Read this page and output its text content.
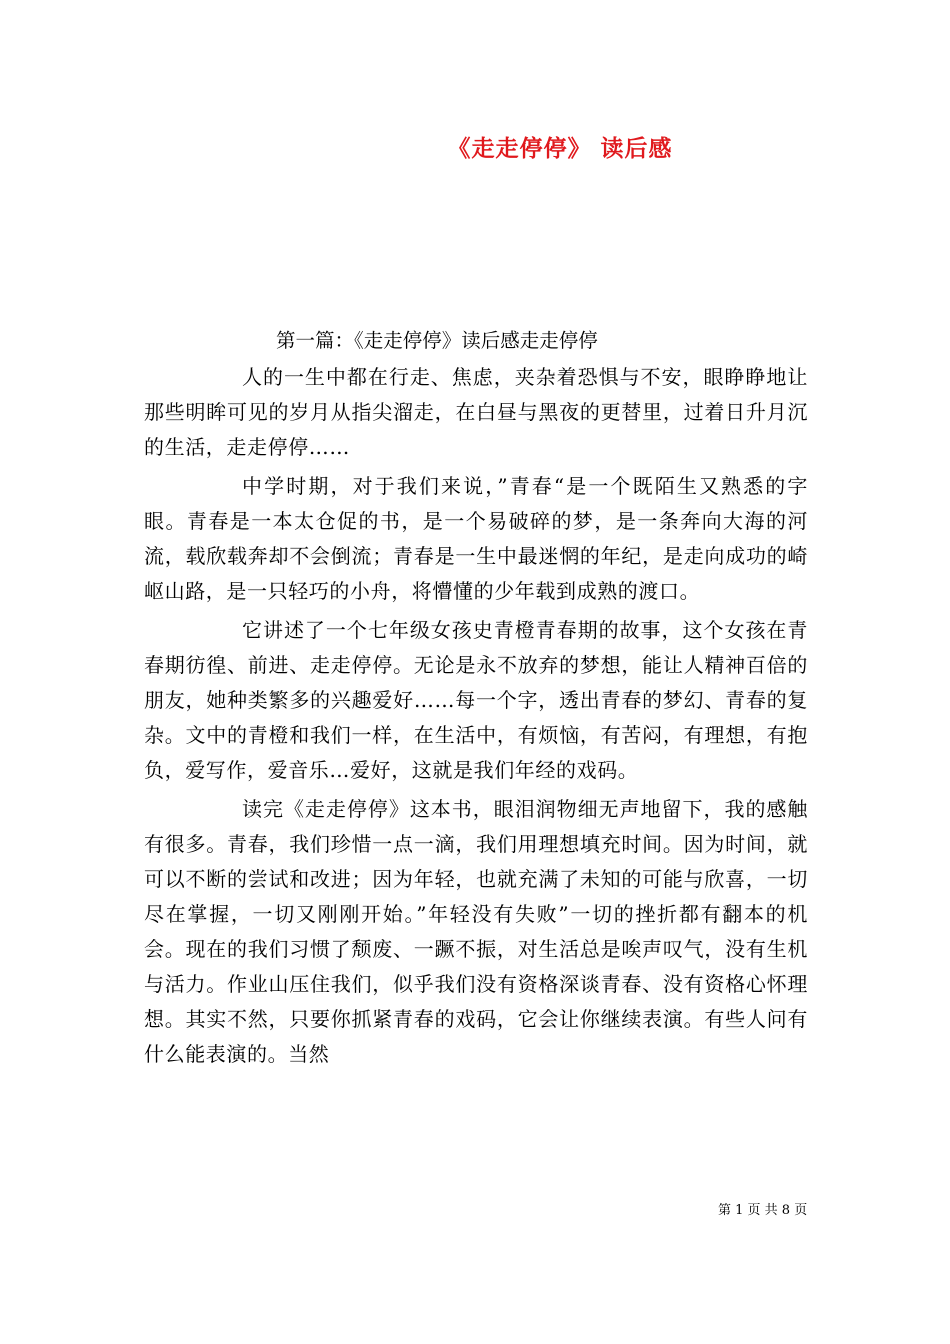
《走走停停》 读后感
第一篇：《走走停停》读后感走走停停

人的一生中都在行走、焦虑，夹杂着恐惧与不安，眼睁睁地让那些明眸可见的岁月从指尖溜走，在白昼与黑夜的更替里，过着日升月沉的生活，走走停停……

中学时期，对于我们来说，”青春“是一个既陌生又熟悉的字眼。青春是一本太仓促的书，是一个易破碎的梦，是一条奔向大海的河流，载欣载奔却不会倒流；青春是一生中最迷惘的年纪，是走向成功的崎岖山路，是一只轻巧的小舟，将懵懂的少年载到成熟的渡口。

它讲述了一个七年级女孩史青橙青春期的故事，这个女孩在青春期彷徨、前进、走走停停。无论是永不放弃的梦想，能让人精神百倍的朋友，她种类繁多的兴趣爱好……每一个字，透出青春的梦幻、青春的复杂。文中的青橙和我们一样，在生活中，有烦恼，有苦闷，有理想，有抱负，爱写作，爱音乐…爱好，这就是我们年经的戏码。

读完《走走停停》这本书，眼泪润物细无声地留下，我的感触有很多。青春，我们珍惜一点一滴，我们用理想填充时间。因为时间，就可以不断的尝试和改进；因为年轻，也就充满了未知的可能与欣喜，一切尽在掌握，一切又刚刚开始。”年轻没有失败”一切的挫折都有翻本的机会。现在的我们习惯了颓废、一蹶不振，对生活总是唉声叹气，没有生机与活力。作业山压住我们，似乎我们没有资格深谈青春、没有资格心怀理想。其实不然，只要你抓紧青春的戏码，它会让你继续表演。有些人问有什么能表演的。当然

第 1 页 共 8 页
